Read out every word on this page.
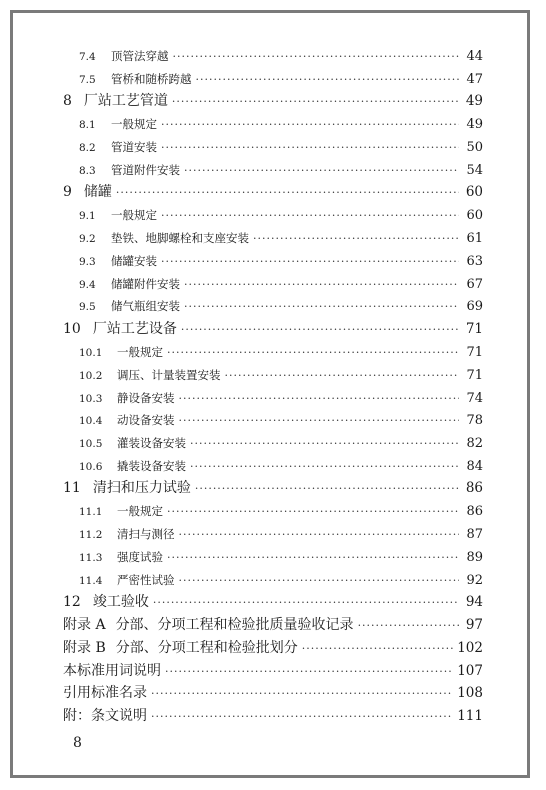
7.4	顶管法穿越 ·····	44
7.5	管桥和随桥跨越 ·····	47
8 厂站工艺管道 ·····	49
8.1	一般规定 ·····	49
8.2	管道安装 ·····	50
8.3	管道附件安装 ·····	54
9 储罐 ·····	60
9.1	一般规定 ·····	60
9.2	垫铁、地脚螺栓和支座安装 ·····	61
9.3	储罐安装 ·····	63
9.4	储罐附件安装 ·····	67
9.5	储气瓶组安装 ·····	69
10 厂站工艺设备 ·····	71
10.1	一般规定 ·····	71
10.2	调压、计量装置安装 ·····	71
10.3	静设备安装 ·····	74
10.4	动设备安装 ·····	78
10.5	灌装设备安装 ·····	82
10.6	撬装设备安装 ·····	84
11 清扫和压力试验 ·····	86
11.1	一般规定 ·····	86
11.2	清扫与测径 ·····	87
11.3	强度试验 ·····	89
11.4	严密性试验 ·····	92
12 竣工验收 ·····	94
附录 A 分部、分项工程和检验批质量验收记录 ·····	97
附录 B 分部、分项工程和检验批划分 ·····	102
本标准用词说明 ·····	107
引用标准名录 ·····	108
附：条文说明 ·····	111
8
